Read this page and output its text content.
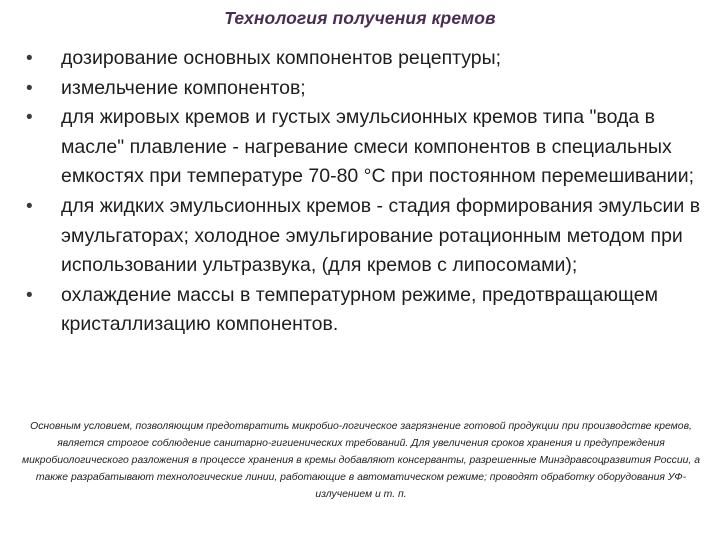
Технология получения кремов
• дозирование основных компонентов рецептуры;
• измельчение компонентов;
• для жировых кремов и густых эмульсионных кремов типа "вода в масле" плавление - нагревание смеси компонентов в специальных емкостях при температуре 70-80 °С при постоянном перемешивании;
• для жидких эмульсионных кремов - стадия формирования эмульсии в эмульгаторах; холодное эмульгирование ротационным методом при использовании ультразвука, (для кремов с липосомами);
• охлаждение массы в температурном режиме, предотвращающем кристаллизацию компонентов.
Основным условием, позволяющим предотвратить микробио-логическое загрязнение готовой продукции при производстве кремов, является строгое соблюдение санитарно-гигиенических требований. Для увеличения сроков хранения и предупреждения микробиологического разложения в процессе хранения в кремы добавляют консерванты, разрешенные Минздравсоцразвития России, а также разрабатывают технологические линии, работающие в автоматическом режиме; проводят обработку оборудования УФ-излучением и т. п.
